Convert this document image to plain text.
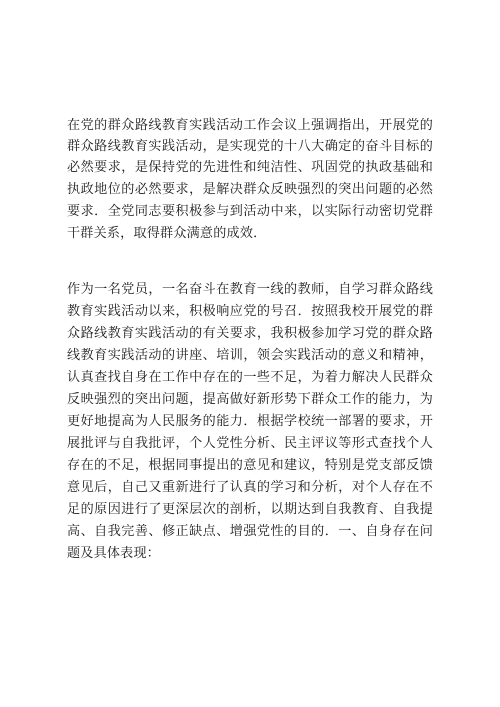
在党的群众路线教育实践活动工作会议上强调指出，开展党的
群众路线教育实践活动，是实现党的十八大确定的奋斗目标的
必然要求，是保持党的先进性和纯洁性、巩固党的执政基础和
执政地位的必然要求，是解决群众反映强烈的突出问题的必然
要求．全党同志要积极参与到活动中来，以实际行动密切党群
干群关系，取得群众满意的成效．
作为一名党员，一名奋斗在教育一线的教师，自学习群众路线
教育实践活动以来，积极响应党的号召．按照我校开展党的群
众路线教育实践活动的有关要求，我积极参加学习党的群众路
线教育实践活动的讲座、培训，领会实践活动的意义和精神，
认真查找自身在工作中存在的一些不足，为着力解决人民群众
反映强烈的突出问题，提高做好新形势下群众工作的能力，为
更好地提高为人民服务的能力．根据学校统一部署的要求，开
展批评与自我批评，个人党性分析、民主评议等形式查找个人
存在的不足，根据同事提出的意见和建议，特别是党支部反馈
意见后，自己又重新进行了认真的学习和分析，对个人存在不
足的原因进行了更深层次的剖析，以期达到自我教育、自我提
高、自我完善、修正缺点、增强党性的目的．一、自身存在问
题及具体表现：
